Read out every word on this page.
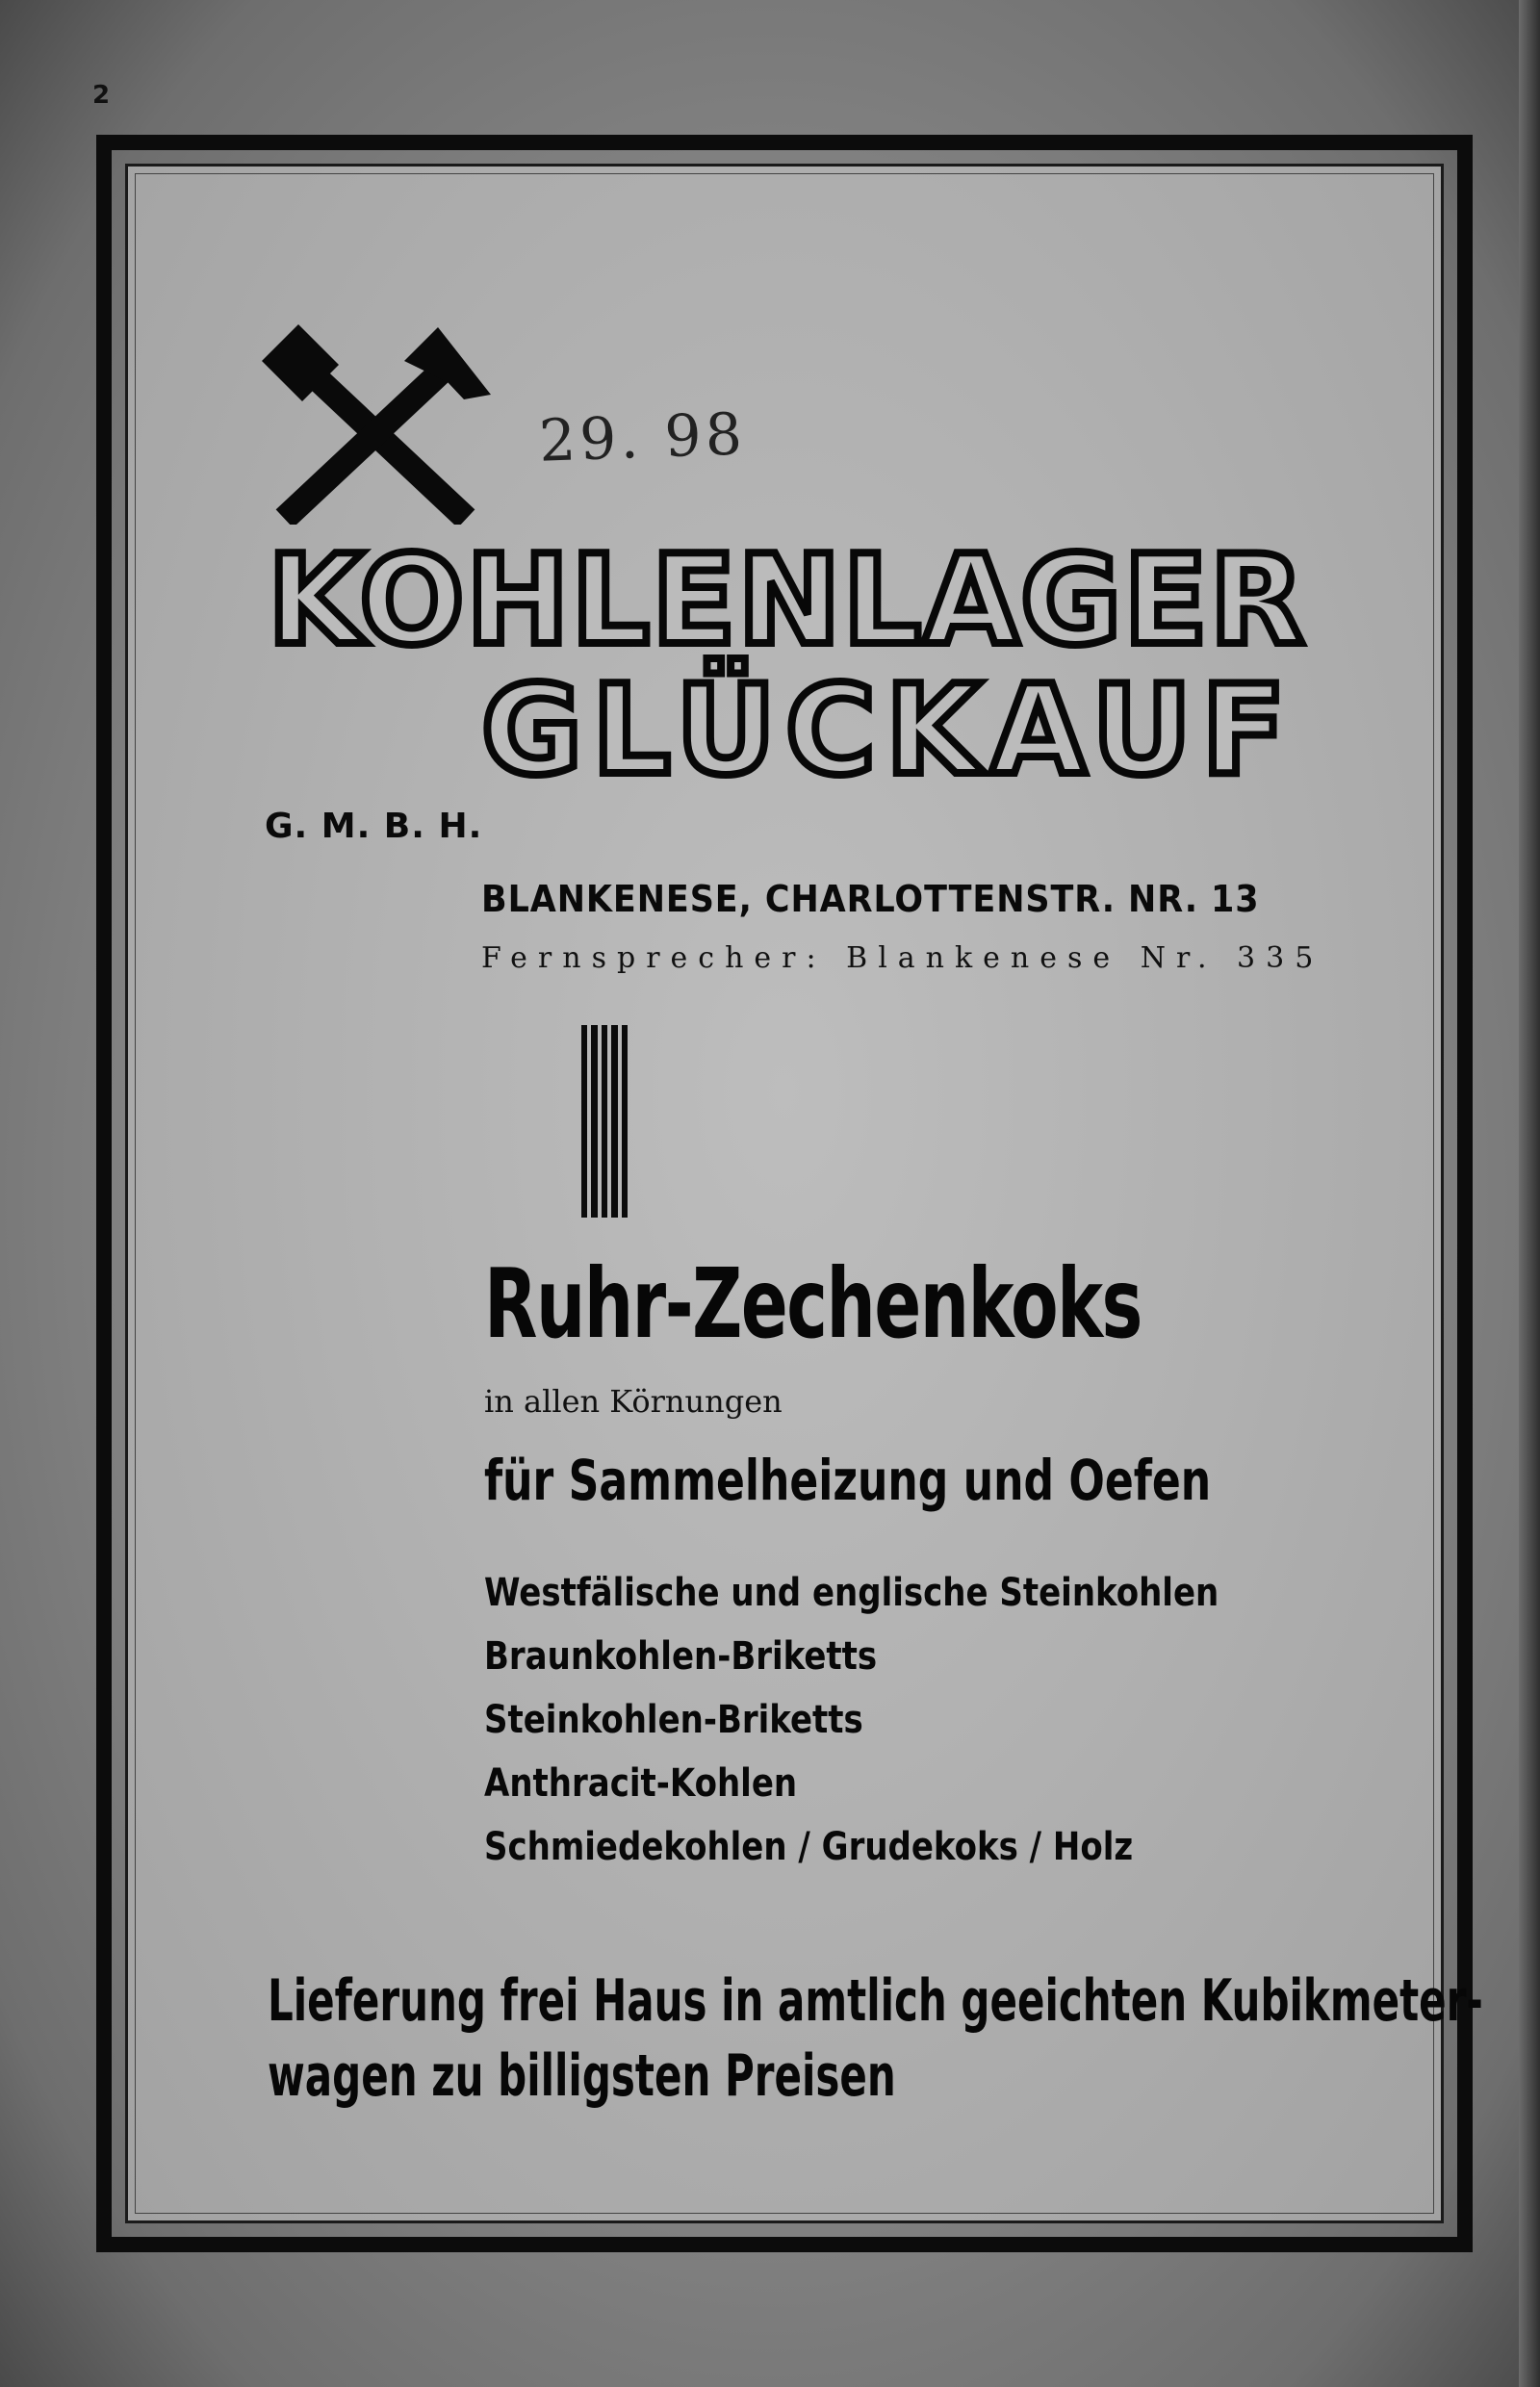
2
29. 98
KOHLENLAGER
GLÜCKAUF
G. M. B. H.
BLANKENESE, CHARLOTTENSTR. NR. 13
Fernsprecher: Blankenese Nr. 335
Ruhr-Zechenkoks
in allen Körnungen
für Sammelheizung und Oefen
Westfälische und englische Steinkohlen
Braunkohlen-Briketts
Steinkohlen-Briketts
Anthracit-Kohlen
Schmiedekohlen / Grudekoks / Holz
Lieferung frei Haus in amtlich geeichten Kubikmeter-
wagen zu billigsten Preisen
